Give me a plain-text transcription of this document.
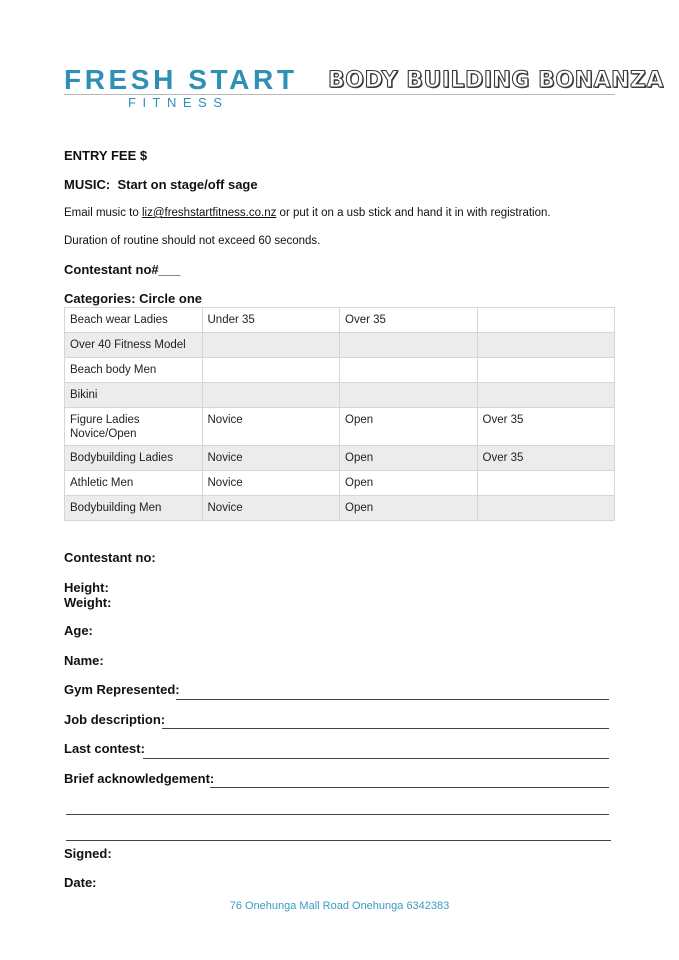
FRESH START
FITNESS
BODY BUILDING BONANZA
ENTRY FEE $
MUSIC: Start on stage/off sage
Email music to liz@freshstartfitness.co.nz or put it on a usb stick and hand it in with registration.
Duration of routine should not exceed 60 seconds.
Contestant no#___
Categories: Circle one
Beach wear Ladies	Under 35	Over 35	
Over 40 Fitness Model			
Beach body Men			
Bikini			
Figure Ladies Novice/Open	Novice	Open	Over 35
Bodybuilding Ladies	Novice	Open	Over 35
Athletic Men	Novice	Open	
Bodybuilding Men	Novice	Open	
Contestant no:
Height:
Weight:
Age:
Name:
Gym Represented:
Job description:
Last contest:
Brief acknowledgement:
Signed:
Date:
76 Onehunga Mall Road Onehunga 6342383
